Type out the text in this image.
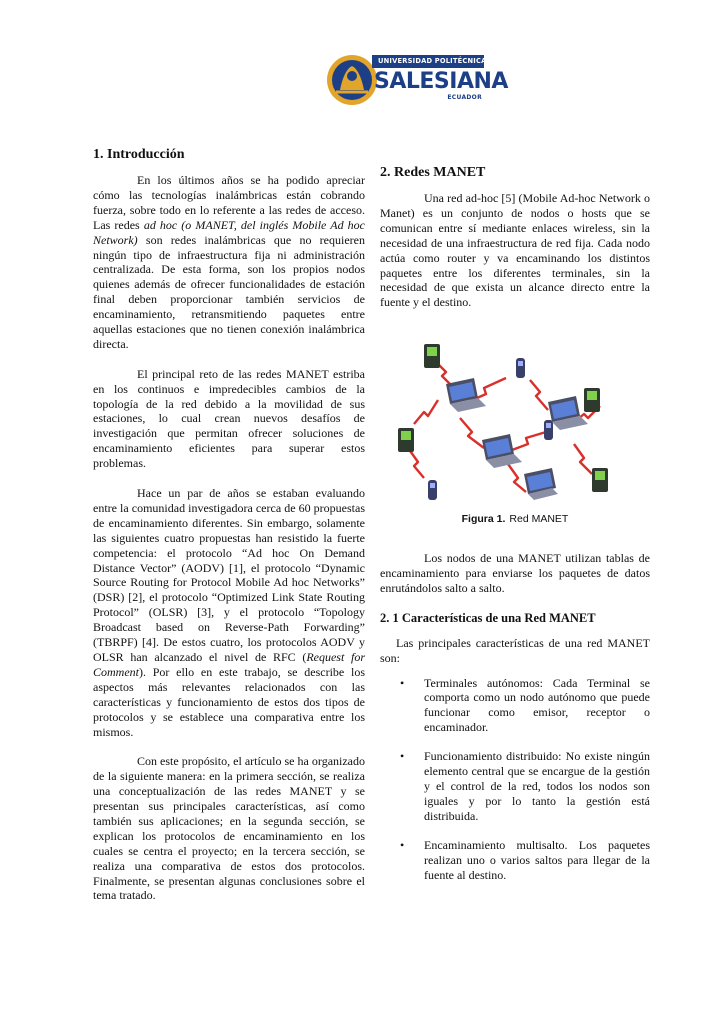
UNIVERSIDAD POLITÉCNICA
SALESIANA
ECUADOR
1. Introducción

En los últimos años se ha podido apreciar cómo las tecnologías inalámbricas están cobrando fuerza, sobre todo en lo referente a las redes de acceso. Las redes ad hoc (o MANET, del inglés Mobile Ad hoc Network) son redes inalámbricas que no requieren ningún tipo de infraestructura fija ni administración centralizada. De esta forma, son los propios nodos quienes además de ofrecer funcionalidades de estación final deben proporcionar también servicios de encaminamiento, retransmitiendo paquetes entre aquellas estaciones que no tienen conexión inalámbrica directa.

El principal reto de las redes MANET estriba en los continuos e impredecibles cambios de la topología de la red debido a la movilidad de sus estaciones, lo cual crean nuevos desafíos de investigación que permitan ofrecer soluciones de encaminamiento eficientes para superar estos problemas.

Hace un par de años se estaban evaluando entre la comunidad investigadora cerca de 60 propuestas de encaminamiento diferentes. Sin embargo, solamente las siguientes cuatro propuestas han resistido la fuerte competencia: el protocolo “Ad hoc On Demand Distance Vector” (AODV) [1], el protocolo “Dynamic Source Routing for Protocol Mobile Ad hoc Networks” (DSR) [2], el protocolo “Optimized Link State Routing Protocol” (OLSR) [3], y el protocolo “Topology Broadcast based on Reverse-Path Forwarding” (TBRPF) [4]. De estos cuatro, los protocolos AODV y OLSR han alcanzado el nivel de RFC (Request for Comment). Por ello en este trabajo, se describe los aspectos más relevantes relacionados con las características y funcionamiento de estos dos tipos de protocolos y se establece una comparativa entre los mismos.

Con este propósito, el artículo se ha organizado de la siguiente manera: en la primera sección, se realiza una conceptualización de las redes MANET y se presentan sus principales características, así como también sus aplicaciones; en la segunda sección, se explican los protocolos de encaminamiento en los cuales se centra el proyecto; en la tercera sección, se realiza una comparativa de estos dos protocolos. Finalmente, se presentan algunas conclusiones sobre el tema tratado.

2. Redes MANET

Una red ad-hoc [5] (Mobile Ad-hoc Network o Manet) es un conjunto de nodos o hosts que se comunican entre sí mediante enlaces wireless, sin la necesidad de una infraestructura de red fija. Cada nodo actúa como router y va encaminando los distintos paquetes entre los diferentes terminales, sin la necesidad de que exista un alcance directo entre la fuente y el destino.

Figura 1. Red MANET

Los nodos de una MANET utilizan tablas de encaminamiento para enviarse los paquetes de datos enrutándolos salto a salto.

2. 1 Características de una Red MANET

Las principales características de una red MANET son:

• Terminales autónomos: Cada Terminal se comporta como un nodo autónomo que puede funcionar como emisor, receptor o encaminador.
• Funcionamiento distribuido: No existe ningún elemento central que se encargue de la gestión y el control de la red, todos los nodos son iguales y por lo tanto la gestión está distribuida.
• Encaminamiento multisalto. Los paquetes realizan uno o varios saltos para llegar de la fuente al destino.
